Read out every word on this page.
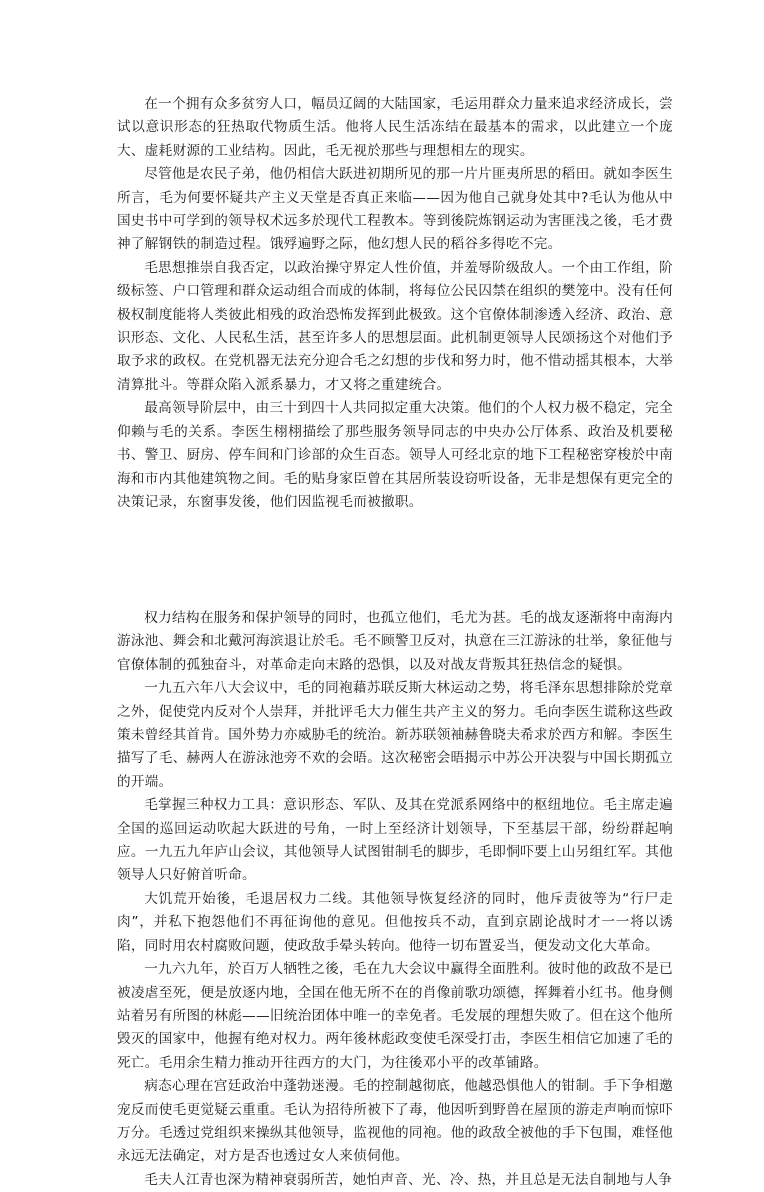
在一个拥有众多贫穷人口，幅员辽阔的大陆国家，毛运用群众力量来追求经济成长，尝试以意识形态的狂热取代物质生活。他将人民生活冻结在最基本的需求，以此建立一个庞大、虚耗财源的工业结构。因此，毛无视於那些与理想相左的现实。

尽管他是农民子弟，他仍相信大跃进初期所见的那一片片匪夷所思的稻田。就如李医生所言，毛为何要怀疑共产主义天堂是否真正来临——因为他自己就身处其中?毛认为他从中国史书中可学到的领导权术远多於现代工程教本。等到後院炼钢运动为害匪浅之後，毛才费神了解钢铁的制造过程。饿殍遍野之际，他幻想人民的稻谷多得吃不完。

毛思想推崇自我否定，以政治操守界定人性价值，并羞辱阶级敌人。一个由工作组，阶级标签、户口管理和群众运动组合而成的体制，将每位公民囚禁在组织的樊笼中。没有任何极权制度能将人类彼此相残的政治恐怖发挥到此极致。这个官僚体制渗透入经济、政治、意识形态、文化、人民私生活，甚至许多人的思想层面。此机制更领导人民颂扬这个对他们予取予求的政权。在党机器无法充分迎合毛之幻想的步伐和努力时，他不惜动摇其根本，大举清算批斗。等群众陷入派系暴力，才又将之重建统合。

最高领导阶层中，由三十到四十人共同拟定重大决策。他们的个人权力极不稳定，完全仰赖与毛的关系。李医生栩栩描绘了那些服务领导同志的中央办公厅体系、政治及机要秘书、警卫、厨房、停车间和门诊部的众生百态。领导人可经北京的地下工程秘密穿梭於中南海和市内其他建筑物之间。毛的贴身家臣曾在其居所装设窃听设备，无非是想保有更完全的决策记录，东窗事发後，他们因监视毛而被撤职。

权力结构在服务和保护领导的同时，也孤立他们，毛尤为甚。毛的战友逐渐将中南海内游泳池、舞会和北戴河海滨退让於毛。毛不顾警卫反对，执意在三江游泳的壮举，象征他与官僚体制的孤独奋斗，对革命走向末路的恐惧，以及对战友背叛其狂热信念的疑惧。

一九五六年八大会议中，毛的同袍藉苏联反斯大林运动之势，将毛泽东思想排除於党章之外，促使党内反对个人崇拜，并批评毛大力催生共产主义的努力。毛向李医生谎称这些政策未曾经其首肯。国外势力亦威胁毛的统治。新苏联领袖赫鲁晓夫希求於西方和解。李医生描写了毛、赫两人在游泳池旁不欢的会晤。这次秘密会晤揭示中苏公开决裂与中国长期孤立的开端。

毛掌握三种权力工具：意识形态、军队、及其在党派系网络中的枢纽地位。毛主席走遍全国的巡回运动吹起大跃进的号角，一时上至经济计划领导，下至基层干部，纷纷群起响应。一九五九年庐山会议，其他领导人试图钳制毛的脚步，毛即恫吓要上山另组红军。其他领导人只好俯首听命。

大饥荒开始後，毛退居权力二线。其他领导恢复经济的同时，他斥责彼等为“行尸走肉”，并私下抱怨他们不再征询他的意见。但他按兵不动，直到京剧论战时才一一将以诱陷，同时用农村腐败问题，使政敌手晕头转向。他待一切布置妥当，便发动文化大革命。

一九六九年，於百万人牺牲之後，毛在九大会议中赢得全面胜利。彼时他的政敌不是已被凌虐至死，便是放逐内地，全国在他无所不在的肖像前歌功颂德，挥舞着小红书。他身侧站着另有所图的林彪——旧统治团体中唯一的幸免者。毛发展的理想失败了。但在这个他所毁灭的国家中，他握有绝对权力。两年後林彪政变使毛深受打击，李医生相信它加速了毛的死亡。毛用余生精力推动开往西方的大门，为往後邓小平的改革铺路。

病态心理在宫廷政治中蓬勃迷漫。毛的控制越彻底，他越恐惧他人的钳制。手下争相邀宠反而使毛更觉疑云重重。毛认为招待所被下了毒，他因听到野兽在屋顶的游走声响而惊吓万分。毛透过党组织来操纵其他领导，监视他的同袍。他的政敌全被他的手下包围，难怪他永远无法确定，对方是否也透过女人来侦伺他。

毛夫人江青也深为精神衰弱所苦，她怕声音、光、冷、热，并且总是无法自制地与人争
